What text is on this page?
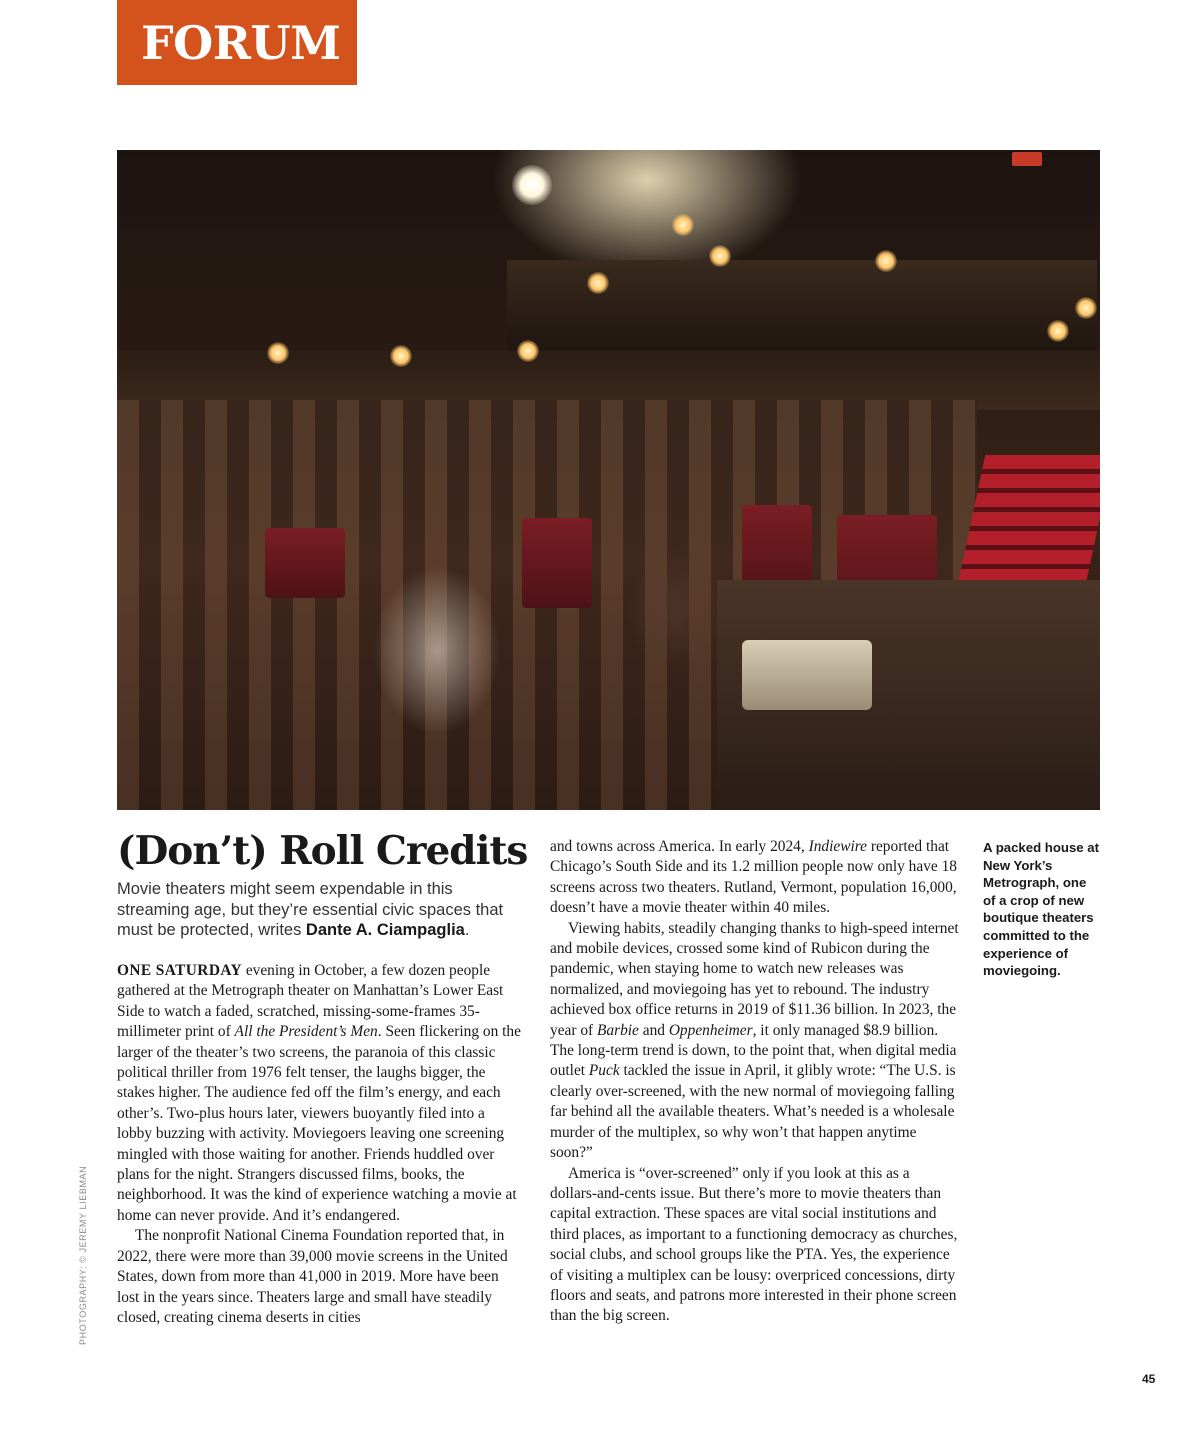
FORUM
PHOTOGRAPHY: © JEREMY LIEBMAN
(Don’t) Roll Credits
Movie theaters might seem expendable in this streaming age, but they’re essential civic spaces that must be protected, writes Dante A. Ciampaglia.

ONE SATURDAY evening in October, a few dozen people gathered at the Metrograph theater on Manhattan’s Lower East Side to watch a faded, scratched, missing-some-frames 35-millimeter print of All the President’s Men. Seen flickering on the larger of the theater’s two screens, the paranoia of this classic political thriller from 1976 felt tenser, the laughs bigger, the stakes higher. The audience fed off the film’s energy, and each other’s. Two-plus hours later, viewers buoyantly filed into a lobby buzzing with activity. Moviegoers leaving one screening mingled with those waiting for another. Friends huddled over plans for the night. Strangers discussed films, books, the neighborhood. It was the kind of experience watching a movie at home can never provide. And it’s endangered.

The nonprofit National Cinema Foundation reported that, in 2022, there were more than 39,000 movie screens in the United States, down from more than 41,000 in 2019. More have been lost in the years since. Theaters large and small have steadily closed, creating cinema deserts in cities

and towns across America. In early 2024, Indiewire reported that Chicago’s South Side and its 1.2 million people now only have 18 screens across two theaters. Rutland, Vermont, population 16,000, doesn’t have a movie theater within 40 miles.

Viewing habits, steadily changing thanks to high-speed internet and mobile devices, crossed some kind of Rubicon during the pandemic, when staying home to watch new releases was normalized, and moviegoing has yet to rebound. The industry achieved box office returns in 2019 of $11.36 billion. In 2023, the year of Barbie and Oppenheimer, it only managed $8.9 billion. The long-term trend is down, to the point that, when digital media outlet Puck tackled the issue in April, it glibly wrote: “The U.S. is clearly over-screened, with the new normal of moviegoing falling far behind all the available theaters. What’s needed is a wholesale murder of the multiplex, so why won’t that happen anytime soon?”

America is “over-screened” only if you look at this as a dollars-and-cents issue. But there’s more to movie theaters than capital extraction. These spaces are vital social institutions and third places, as important to a functioning democracy as churches, social clubs, and school groups like the PTA. Yes, the experience of visiting a multiplex can be lousy: overpriced concessions, dirty floors and seats, and patrons more interested in their phone screen than the big screen.

A packed house at New York’s Metrograph, one of a crop of new boutique theaters committed to the experience of moviegoing.
45
